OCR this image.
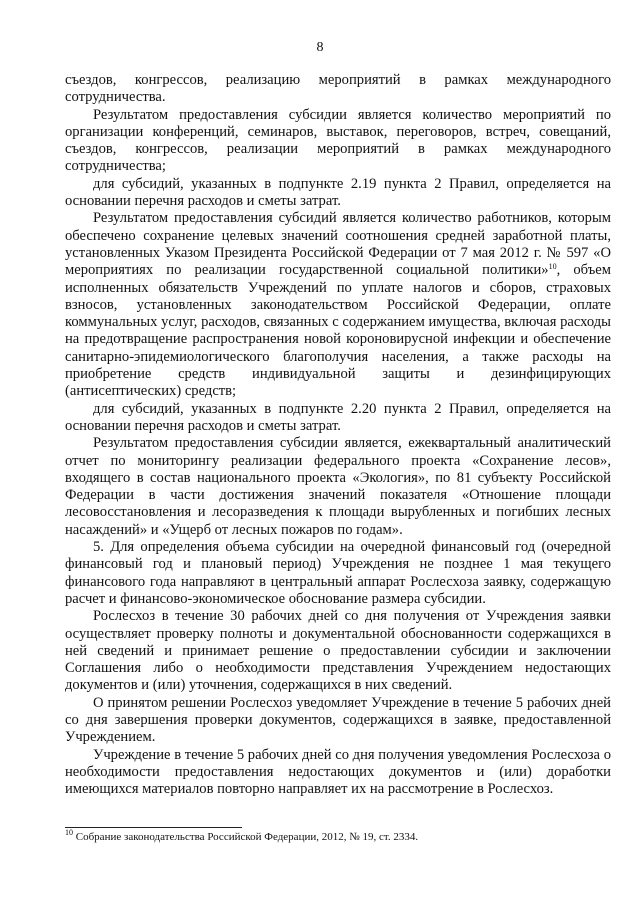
8

съездов, конгрессов, реализацию мероприятий в рамках международного сотрудничества.

Результатом предоставления субсидии является количество мероприятий по организации конференций, семинаров, выставок, переговоров, встреч, совещаний, съездов, конгрессов, реализации мероприятий в рамках международного сотрудничества;

для субсидий, указанных в подпункте 2.19 пункта 2 Правил, определяется на основании перечня расходов и сметы затрат.

Результатом предоставления субсидий является количество работников, которым обеспечено сохранение целевых значений соотношения средней заработной платы, установленных Указом Президента Российской Федерации от 7 мая 2012 г. № 597 «О мероприятиях по реализации государственной социальной политики»$^{10}$, объем исполненных обязательств Учреждений по уплате налогов и сборов, страховых взносов, установленных законодательством Российской Федерации, оплате коммунальных услуг, расходов, связанных с содержанием имущества, включая расходы на предотвращение распространения новой короновирусной инфекции и обеспечение санитарно-эпидемиологического благополучия населения, а также расходы на приобретение средств индивидуальной защиты и дезинфицирующих (антисептических) средств;

для субсидий, указанных в подпункте 2.20 пункта 2 Правил, определяется на основании перечня расходов и сметы затрат.

Результатом предоставления субсидии является, ежеквартальный аналитический отчет по мониторингу реализации федерального проекта «Сохранение лесов», входящего в состав национального проекта «Экология», по 81 субъекту Российской Федерации в части достижения значений показателя «Отношение площади лесовосстановления и лесоразведения к площади вырубленных и погибших лесных насаждений» и «Ущерб от лесных пожаров по годам».

5. Для определения объема субсидии на очередной финансовый год (очередной финансовый год и плановый период) Учреждения не позднее 1 мая текущего финансового года направляют в центральный аппарат Рослесхоза заявку, содержащую расчет и финансово-экономическое обоснование размера субсидии.

Рослесхоз в течение 30 рабочих дней со дня получения от Учреждения заявки осуществляет проверку полноты и документальной обоснованности содержащихся в ней сведений и принимает решение о предоставлении субсидии и заключении Соглашения либо о необходимости представления Учреждением недостающих документов и (или) уточнения, содержащихся в них сведений.

О принятом решении Рослесхоз уведомляет Учреждение в течение 5 рабочих дней со дня завершения проверки документов, содержащихся в заявке, предоставленной Учреждением.

Учреждение в течение 5 рабочих дней со дня получения уведомления Рослесхоза о необходимости предоставления недостающих документов и (или) доработки имеющихся материалов повторно направляет их на рассмотрение в Рослесхоз.

$^{10}$ Собрание законодательства Российской Федерации, 2012, № 19, ст. 2334.
